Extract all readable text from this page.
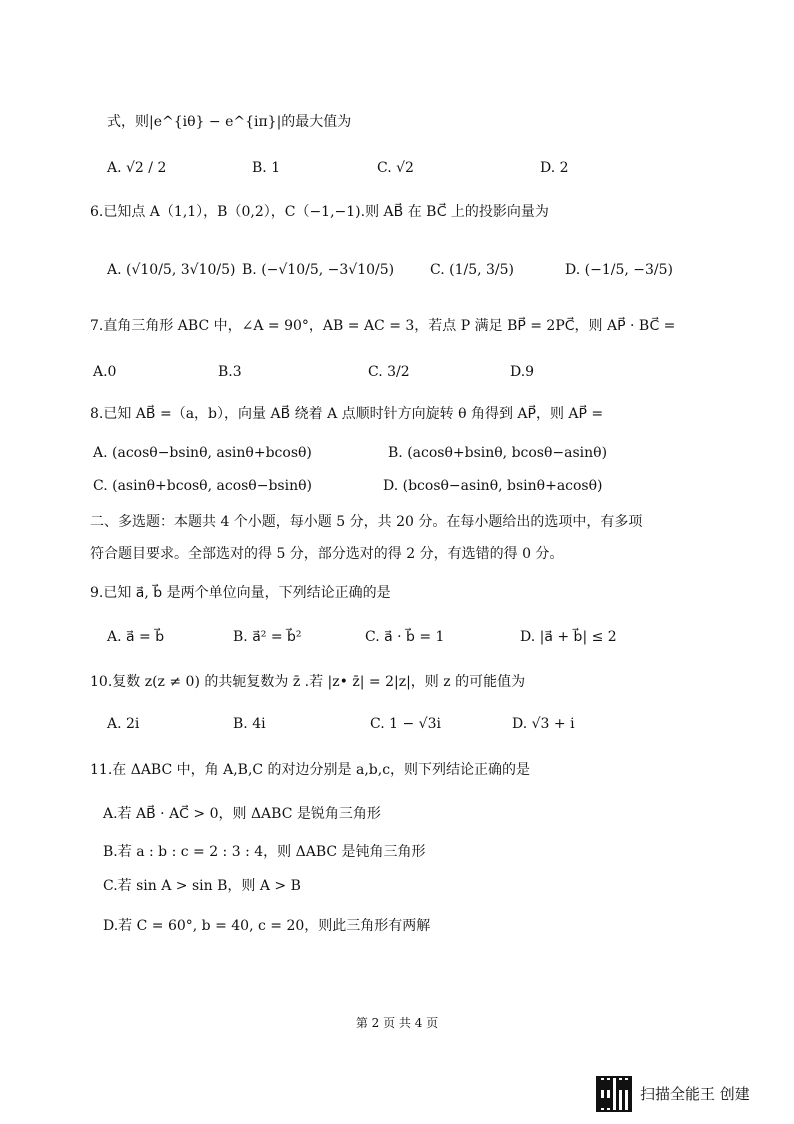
式，则|e^{iθ} − e^{iπ}|的最大值为
A. √2 / 2	B. 1	C. √2	D. 2
6.已知点 A（1,1），B（0,2），C（−1,−1).则 AB⃗ 在 BC⃗ 上的投影向量为
A. (√10/5, 3√10/5) B. (−√10/5, −3√10/5)	C. (1/5, 3/5)	D. (−1/5, −3/5)
7.直角三角形 ABC 中，∠A = 90°，AB = AC = 3，若点 P 满足 BP⃗ = 2PC⃗，则 AP⃗ · BC⃗ =
A.0	B.3	C. 3/2	D.9
8.已知 AB⃗ =（a，b），向量 AB⃗ 绕着 A 点顺时针方向旋转 θ 角得到 AP⃗，则 AP⃗ =
A. (acosθ−bsinθ, asinθ+bcosθ)	B. (acosθ+bsinθ, bcosθ−asinθ)
C. (asinθ+bcosθ, acosθ−bsinθ)	D. (bcosθ−asinθ, bsinθ+acosθ)
二、多选题：本题共 4 个小题，每小题 5 分，共 20 分。在每小题给出的选项中，有多项
符合题目要求。全部选对的得 5 分，部分选对的得 2 分，有选错的得 0 分。
9.已知 a⃗, b⃗ 是两个单位向量，下列结论正确的是
A. a⃗ = b⃗	B. a⃗² = b⃗²	C. a⃗ · b⃗ = 1	D. |a⃗ + b⃗| ≤ 2
10.复数 z(z ≠ 0) 的共轭复数为 z̄ .若 |z• z̄| = 2|z|，则 z 的可能值为
A. 2i	B. 4i	C. 1 − √3i	D. √3 + i
11.在 ΔABC 中，角 A,B,C 的对边分别是 a,b,c，则下列结论正确的是
A.若 AB⃗ · AC⃗ > 0，则 ΔABC 是锐角三角形
B.若 a : b : c = 2 : 3 : 4，则 ΔABC 是钝角三角形
C.若 sin A > sin B，则 A > B
D.若 C = 60°, b = 40, c = 20，则此三角形有两解
第 2 页 共 4 页
扫描全能王 创建
